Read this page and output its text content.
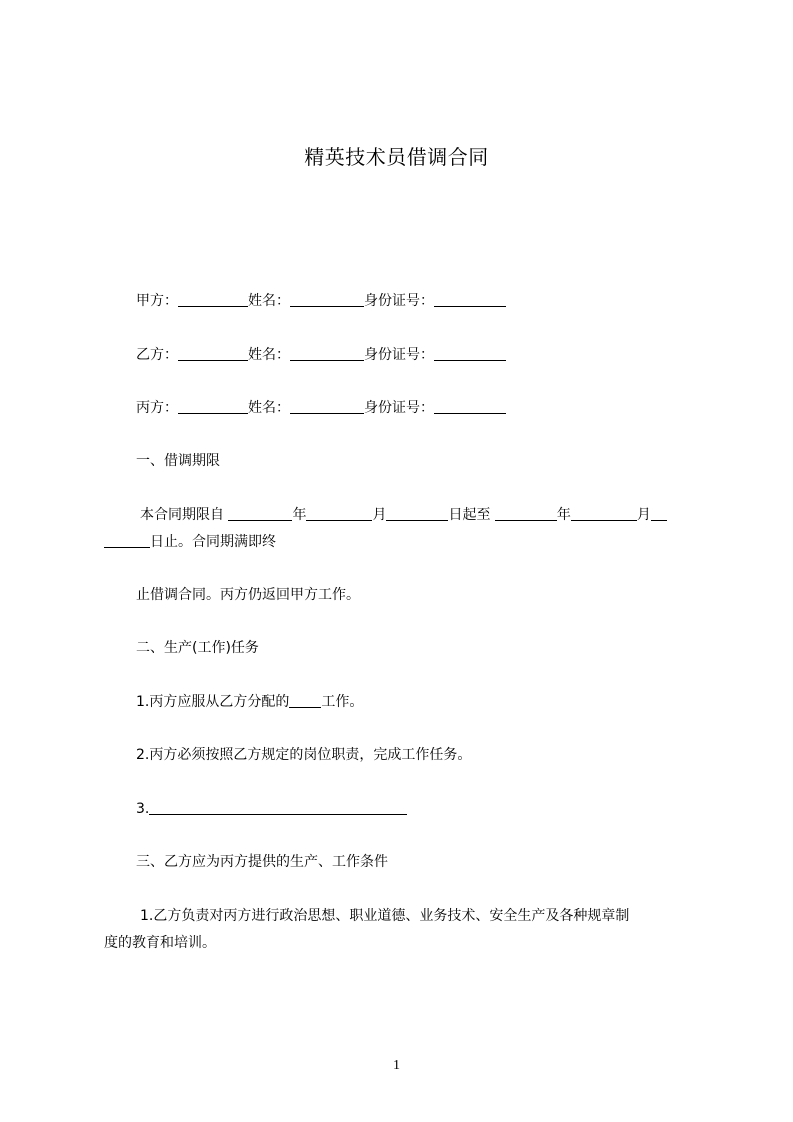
精英技术员借调合同
甲方：	姓名：	身份证号：
乙方：	姓名：	身份证号：
丙方：	姓名：	身份证号：
一、借调期限
本合同期限自	年	月	日起至	年	月
日止。合同期满即终
止借调合同。丙方仍返回甲方工作。
二、生产(工作)任务
1.丙方应服从乙方分配的 工作。
2.丙方必须按照乙方规定的岗位职责，完成工作任务。
3.
三、乙方应为丙方提供的生产、工作条件
1.乙方负责对丙方进行政治思想、职业道德、业务技术、安全生产及各种规章制
度的教育和培训。
1
